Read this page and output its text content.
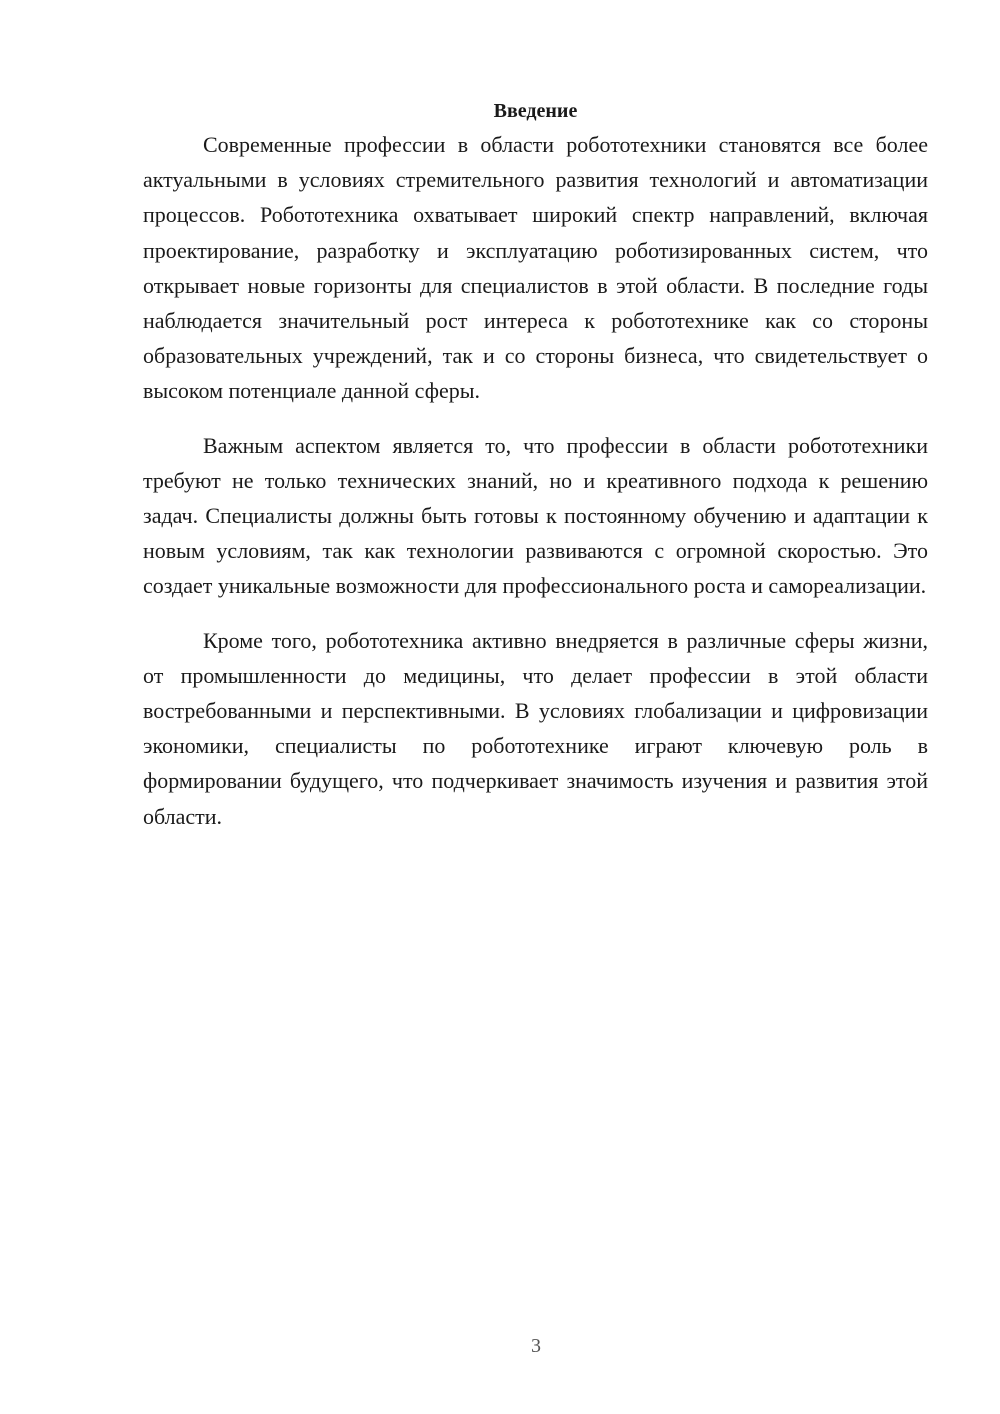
Введение

Современные профессии в области робототехники становятся все более актуальными в условиях стремительного развития технологий и автоматизации процессов. Робототехника охватывает широкий спектр направлений, включая проектирование, разработку и эксплуатацию роботизированных систем, что открывает новые горизонты для специалистов в этой области. В последние годы наблюдается значительный рост интереса к робототехнике как со стороны образовательных учреждений, так и со стороны бизнеса, что свидетельствует о высоком потенциале данной сферы.

Важным аспектом является то, что профессии в области робототехники требуют не только технических знаний, но и креативного подхода к решению задач. Специалисты должны быть готовы к постоянному обучению и адаптации к новым условиям, так как технологии развиваются с огромной скоростью. Это создает уникальные возможности для профессионального роста и самореализации.

Кроме того, робототехника активно внедряется в различные сферы жизни, от промышленности до медицины, что делает профессии в этой области востребованными и перспективными. В условиях глобализации и цифровизации экономики, специалисты по робототехнике играют ключевую роль в формировании будущего, что подчеркивает значимость изучения и развития этой области.

3
